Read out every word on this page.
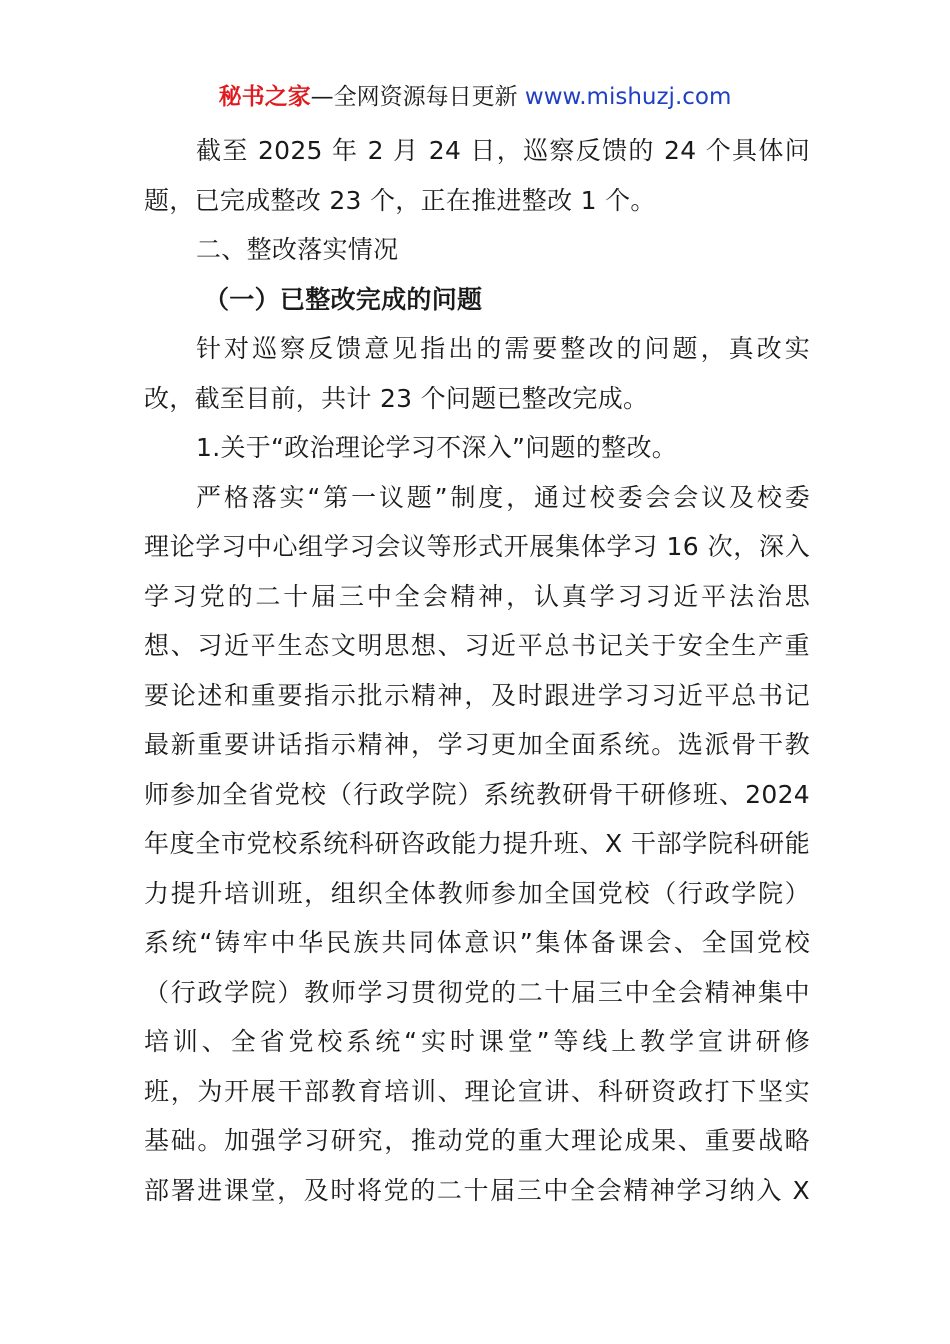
秘书之家—全网资源每日更新 www.mishuzj.com
截至 2025 年 2 月 24 日，巡察反馈的 24 个具体问
题，已完成整改 23 个，正在推进整改 1 个。
二、整改落实情况
（一）已整改完成的问题
针对巡察反馈意见指出的需要整改的问题，真改实
改，截至目前，共计 23 个问题已整改完成。
1.关于“政治理论学习不深入”问题的整改。
严格落实“第一议题”制度，通过校委会会议及校委
理论学习中心组学习会议等形式开展集体学习 16 次，深入
学习党的二十届三中全会精神，认真学习习近平法治思
想、习近平生态文明思想、习近平总书记关于安全生产重
要论述和重要指示批示精神，及时跟进学习习近平总书记
最新重要讲话指示精神，学习更加全面系统。选派骨干教
师参加全省党校（行政学院）系统教研骨干研修班、2024
年度全市党校系统科研咨政能力提升班、X 干部学院科研能
力提升培训班，组织全体教师参加全国党校（行政学院）
系统“铸牢中华民族共同体意识”集体备课会、全国党校
（行政学院）教师学习贯彻党的二十届三中全会精神集中
培训、全省党校系统“实时课堂”等线上教学宣讲研修
班，为开展干部教育培训、理论宣讲、科研资政打下坚实
基础。加强学习研究，推动党的重大理论成果、重要战略
部署进课堂，及时将党的二十届三中全会精神学习纳入 X
